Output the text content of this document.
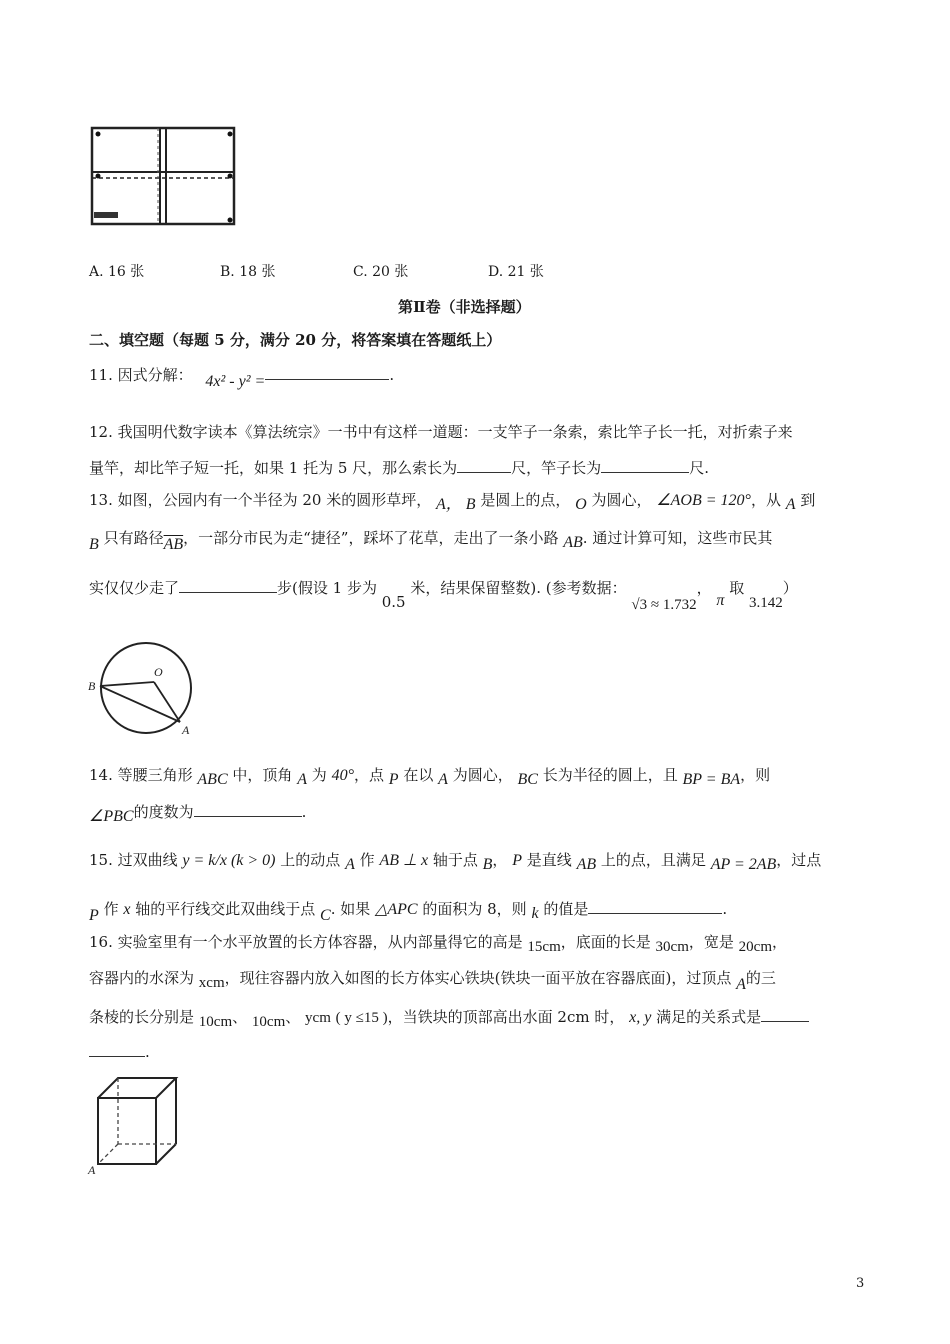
A. 16 张	B. 18 张	C. 20 张	D. 21 张
第Ⅱ卷（非选择题）
二、填空题（每题 5 分，满分 20 分，将答案填在答题纸上）
11. 因式分解： 4x² - y² =	.
12. 我国明代数字读本《算法统宗》一书中有这样一道题：一支竿子一条索，索比竿子长一托，对折索子来
量竿，却比竿子短一托，如果 1 托为 5 尺，那么索长为	尺，竿子长为	尺.
13. 如图，公园内有一个半径为 20 米的圆形草坪， A， B 是圆上的点， O 为圆心， ∠AOB = 120°，从 A 到
B 只有路径$\overline{AB}$，一部分市民为走“捷径”，踩坏了花草，走出了一条小路 AB. 通过计算可知，这些市民其
实仅仅少走了	步(假设 1 步为 0.5 米，结果保留整数). (参考数据： √3 ≈ 1.732， π 取 3.142）
B
O
A
14. 等腰三角形 ABC 中，顶角 A 为 40°，点 P 在以 A 为圆心， BC 长为半径的圆上，且 BP = BA，则
∠PBC的度数为	.
15. 过双曲线 y = k/x (k > 0) 上的动点 A 作 AB ⊥ x 轴于点 B， P 是直线 AB 上的点，且满足 AP = 2AB，过点
P 作 x 轴的平行线交此双曲线于点 C. 如果 △APC 的面积为 8，则 k 的值是	.
16. 实验室里有一个水平放置的长方体容器，从内部量得它的高是 15cm，底面的长是 30cm，宽是 20cm，
容器内的水深为 xcm，现往容器内放入如图的长方体实心铁块(铁块一面平放在容器底面)，过顶点 A的三
条棱的长分别是 10cm、 10cm、 ycm ( y ≤15 )，当铁块的顶部高出水面 2cm 时， x, y 满足的关系式是
.
A
3
